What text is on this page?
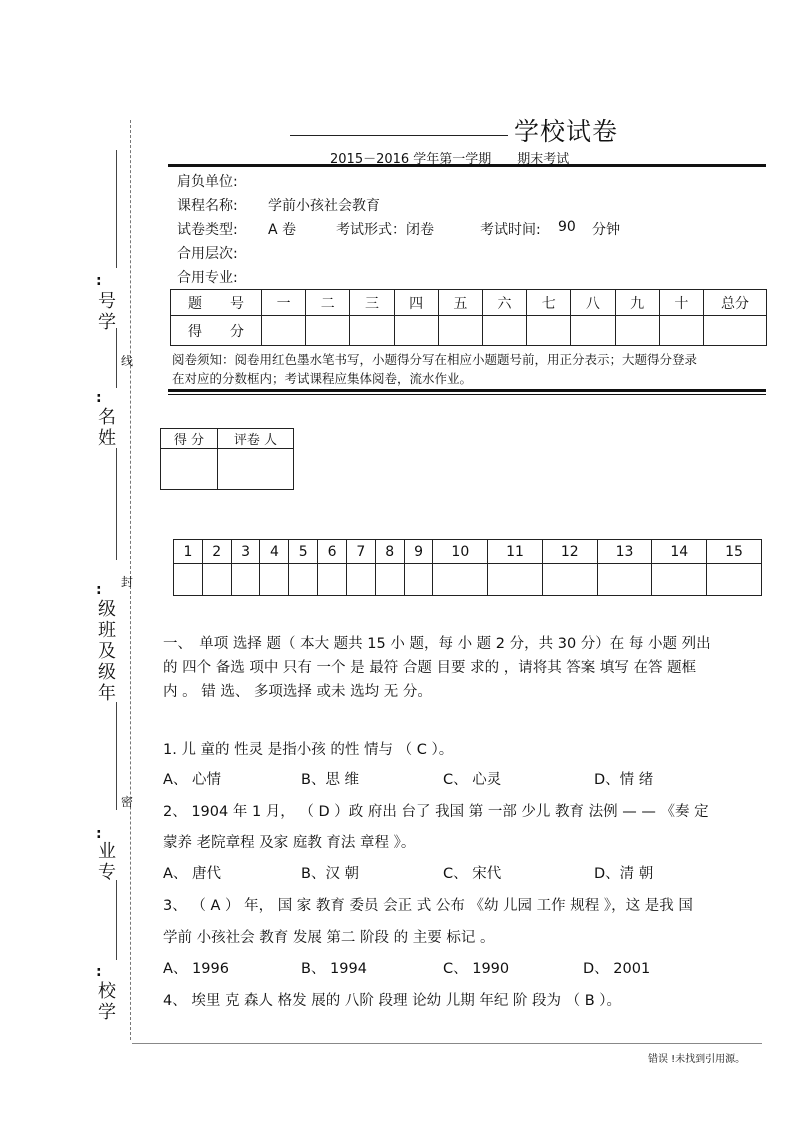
:
号
学
:
名
姓
:
级
班
及
级
年
:
业
专
:
校
学
线
封
密
学校试卷
2015－2016 学年第一学期　　期末考试
肩负单位:
课程名称: 学前小孩社会教育
试卷类型: A 卷	考试形式：闭卷	考试时间: 90 分钟
合用层次:
合用专业:
题　　号	一	二	三	四	五	六	七	八	九	十	总分
得　　分											
阅卷须知：阅卷用红色墨水笔书写，小题得分写在相应小题题号前，用正分表示；大题得分登录
在对应的分数框内；考试课程应集体阅卷，流水作业。
得 分	评卷 人

1	2	3	4	5	6	7	8	9	10	11	12	13	14	15

一、　单项 选择 题（ 本大 题共 15 小 题，每 小 题 2 分，共 30 分）在 每 小题 列出
的 四个 备选 项中 只有 一个 是 最符 合题 目要 求的 ，请将其 答案 填写 在答 题框
内 。 错 选、 多项选择 或未 选均 无 分。
1. 儿 童的 性灵 是指小孩 的性 情与 （ C ）。
A、 心情	B、思 维	C、 心灵	D、情 绪
2、 1904 年 1 月， （ D ）政 府出 台了 我国 第 一部 少儿 教育 法例 — — 《奏 定
蒙养 老院章程 及家 庭教 育法 章程 》。
A、 唐代	B、汉 朝	C、 宋代	D、清 朝
3、 （ A ） 年， 国 家 教育 委员 会正 式 公布 《幼 儿园 工作 规程 》，这 是我 国
学前 小孩社会 教育 发展 第二 阶段 的 主要 标记 。
A、 1996	B、 1994	C、 1990	D、 2001
4、 埃里 克 森人 格发 展的 八阶 段理 论幼 儿期 年纪 阶 段为 （ B ）。
错误 !未找到引用源。
